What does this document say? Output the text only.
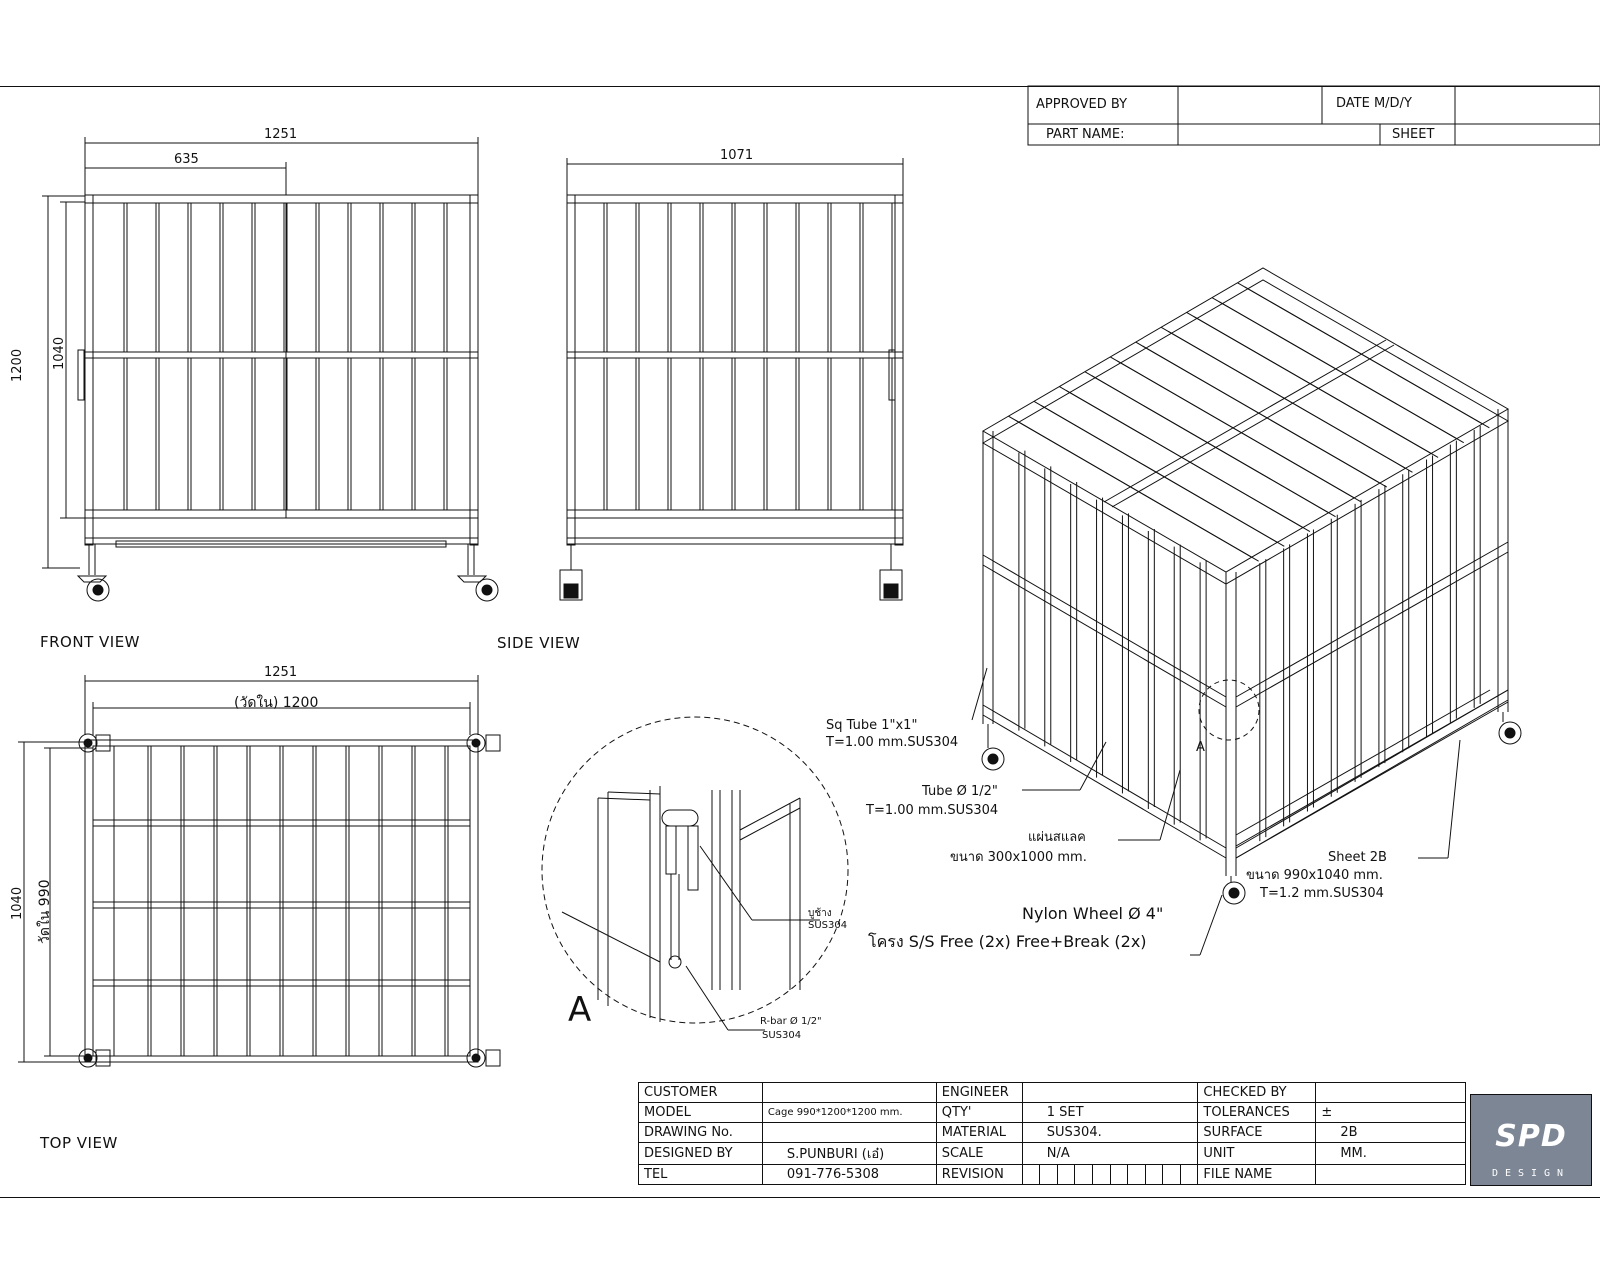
APPROVED BY	DATE M/D/Y
PART NAME:	SHEET
FRONT VIEW	SIDE VIEW
TOP VIEW
A
A
1251
635
1200 1040
1071
1251
(วัดใน) 1200
1040 วัดใน 990
Sq Tube 1"x1"
T=1.00 mm.SUS304
Tube Ø 1/2"
T=1.00 mm.SUS304
แผ่นสแลค
ขนาด 300x1000 mm.	Sheet 2B
ขนาด 990x1040 mm.
T=1.2 mm.SUS304
Nylon Wheel Ø 4"
โครง S/S Free (2x) Free+Break (2x)
บูช้าง
SUS304
R-bar Ø 1/2"
SUS304
CUSTOMER		ENGINEER		CHECKED BY	
MODEL	Cage 990*1200*1200 mm.	QTY'	1 SET	TOLERANCES	±
DRAWING No.		MATERIAL	SUS304.	SURFACE	2B
DESIGNED BY	S.PUNBURI (เอ๋)	SCALE	N/A	UNIT	MM.
TEL	091-776-5308	REVISION		FILE NAME	
SPD
DESIGN
